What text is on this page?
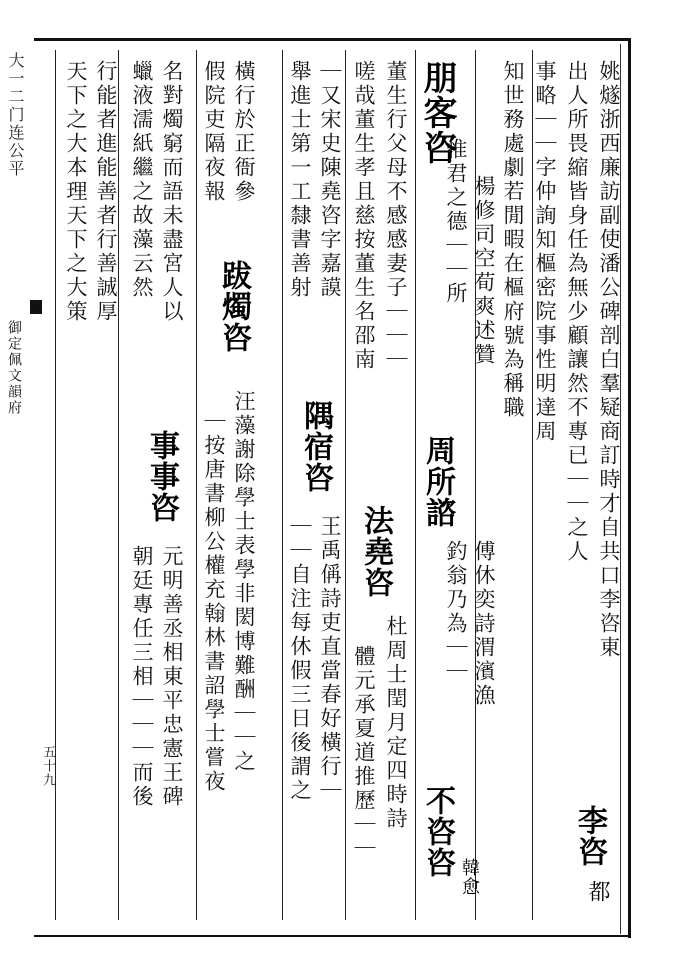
大一二门连公平
御定佩文韻府
五十九
姚燧浙西廉訪副使潘公碑剖白羣疑商訂時才自共口李咨東
出人所畏縮皆身任為無少顧讓然不專已｜｜之人
事略｜｜字仲詢知樞密院事性明達周
知世務處劇若閒暇在樞府號為稱職
惟君之德｜｜所 楊修司空荀爽述贊
傅休奕詩渭濱漁
釣翁乃為｜｜
董生行父母不感感妻子｜｜｜
嗟哉董生孝且慈按董生名邵南
杜周士閏月定四時詩
體元承夏道推歷｜｜
｜又宋史陳堯咨字嘉謨
舉進士第一工隸書善射
王禹偁詩吏直當春好橫行｜
｜｜自注每休假三日後謂之
橫行於正衙參
假院吏隔夜報
汪藻謝除學士表學非閎博難酬｜｜之
｜按唐書柳公權充翰林書詔學士嘗夜
名對燭窮而語未盡宮人以
蠟液濡紙繼之故藻云然
元明善丞相東平忠憲王碑
朝廷專任三相｜｜｜而後
行能者進能善者行善誠厚
天下之大本理天下之大策
李咨
朋客咨
周所諮
不咨咨 韓愈
法堯咨
隅宿咨
跋燭咨
事事咨
都
